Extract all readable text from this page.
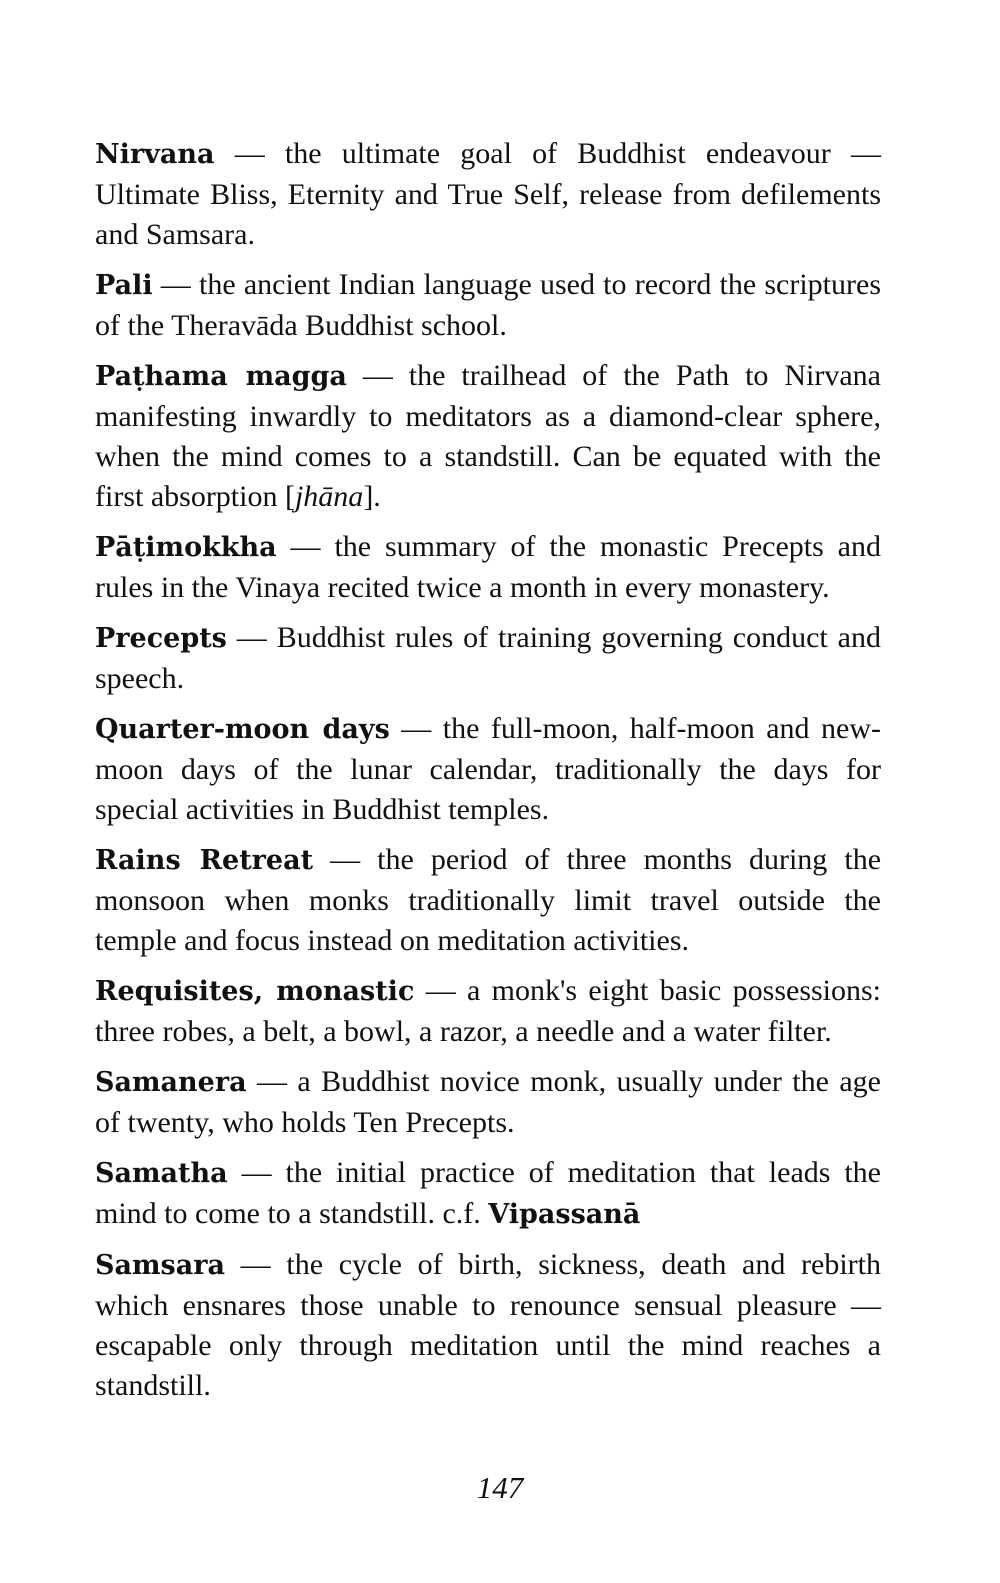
Nirvana — the ultimate goal of Buddhist endeavour — Ultimate Bliss, Eternity and True Self, release from defilements and Samsara.

Pali — the ancient Indian language used to record the scriptures of the Theravāda Buddhist school.

Paṭhama magga — the trailhead of the Path to Nirvana manifesting inwardly to meditators as a diamond-clear sphere, when the mind comes to a standstill. Can be equated with the first absorption [jhāna].

Pāṭimokkha — the summary of the monastic Precepts and rules in the Vinaya recited twice a month in every monastery.

Precepts — Buddhist rules of training governing conduct and speech.

Quarter-moon days — the full-moon, half-moon and new-moon days of the lunar calendar, traditionally the days for special activities in Buddhist temples.

Rains Retreat — the period of three months during the monsoon when monks traditionally limit travel outside the temple and focus instead on meditation activities.

Requisites, monastic — a monk's eight basic possessions: three robes, a belt, a bowl, a razor, a needle and a water filter.

Samanera — a Buddhist novice monk, usually under the age of twenty, who holds Ten Precepts.

Samatha — the initial practice of meditation that leads the mind to come to a standstill. c.f. Vipassanā

Samsara — the cycle of birth, sickness, death and rebirth which ensnares those unable to renounce sensual pleasure — escapable only through meditation until the mind reaches a standstill.

147
